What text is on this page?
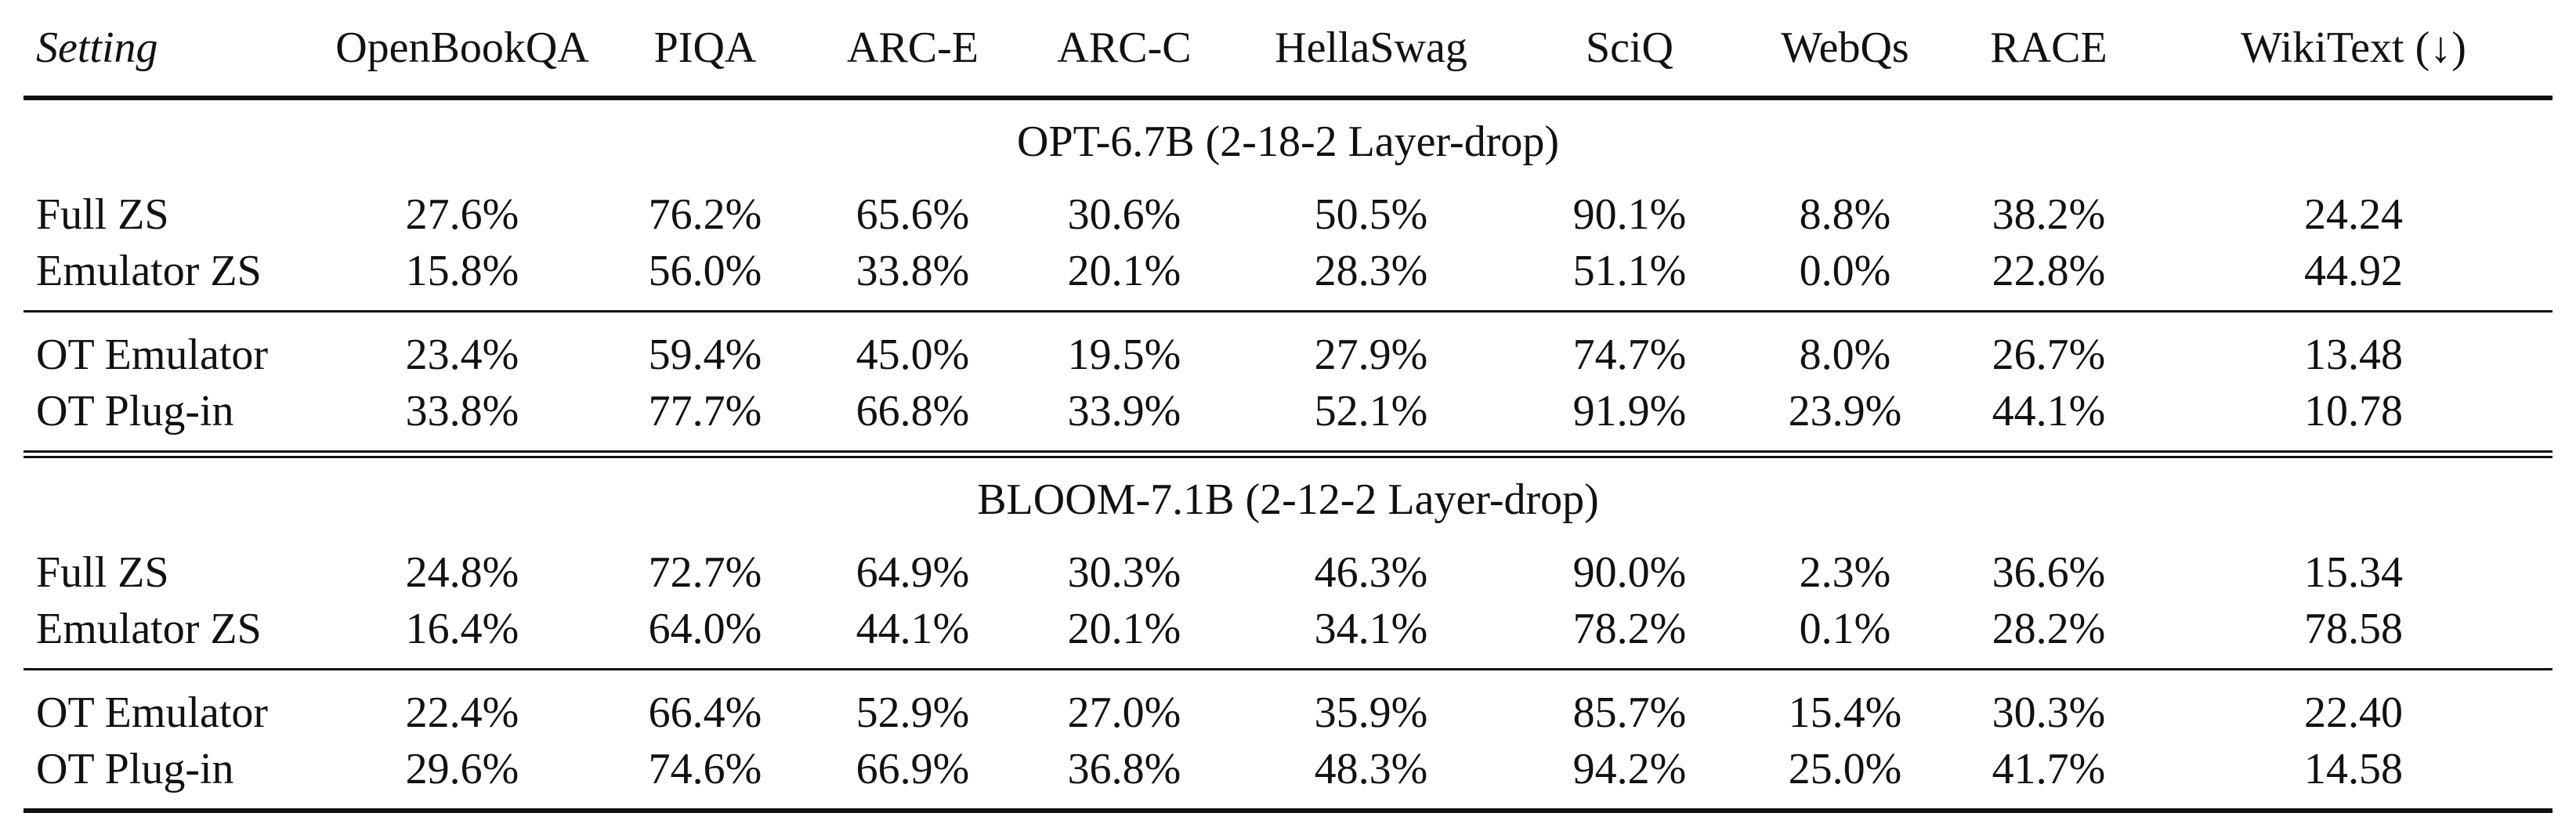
Setting	OpenBookQA	PIQA	ARC-E	ARC-C	HellaSwag	SciQ	WebQs	RACE	WikiText (↓)
OPT-6.7B (2-18-2 Layer-drop)									
Full ZS	27.6%	76.2%	65.6%	30.6%	50.5%	90.1%	8.8%	38.2%	24.24
Emulator ZS	15.8%	56.0%	33.8%	20.1%	28.3%	51.1%	0.0%	22.8%	44.92
OT Emulator	23.4%	59.4%	45.0%	19.5%	27.9%	74.7%	8.0%	26.7%	13.48
OT Plug-in	33.8%	77.7%	66.8%	33.9%	52.1%	91.9%	23.9%	44.1%	10.78
BLOOM-7.1B (2-12-2 Layer-drop)									
Full ZS	24.8%	72.7%	64.9%	30.3%	46.3%	90.0%	2.3%	36.6%	15.34
Emulator ZS	16.4%	64.0%	44.1%	20.1%	34.1%	78.2%	0.1%	28.2%	78.58
OT Emulator	22.4%	66.4%	52.9%	27.0%	35.9%	85.7%	15.4%	30.3%	22.40
OT Plug-in	29.6%	74.6%	66.9%	36.8%	48.3%	94.2%	25.0%	41.7%	14.58
